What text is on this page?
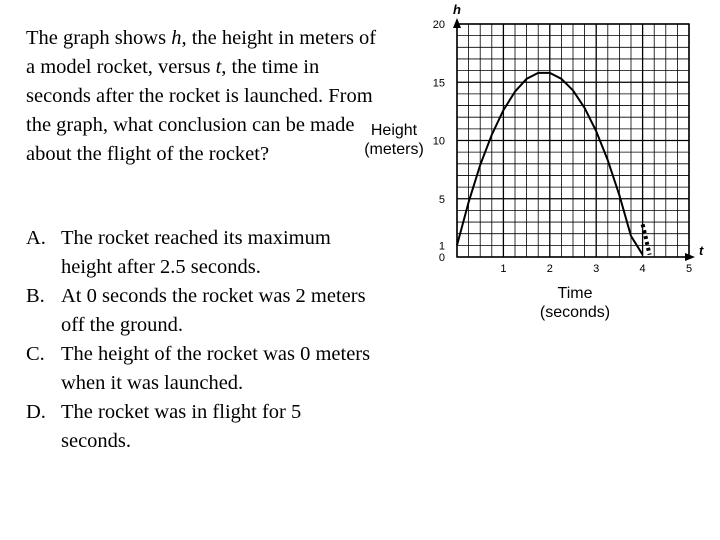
The graph shows h, the height in meters of a model rocket, versus t, the time in seconds after the rocket is launched. From the graph, what conclusion can be made about the flight of the rocket?
A. The rocket reached its maximum height after 2.5 seconds.
B. At 0 seconds the rocket was 2 meters off the ground.
C. The height of the rocket was 0 meters when it was launched.
D. The rocket was in flight for 5 seconds.
Height
(meters)
Time
(seconds)
h
t
0
1
5
10
15
20
1	2	3	4	5
